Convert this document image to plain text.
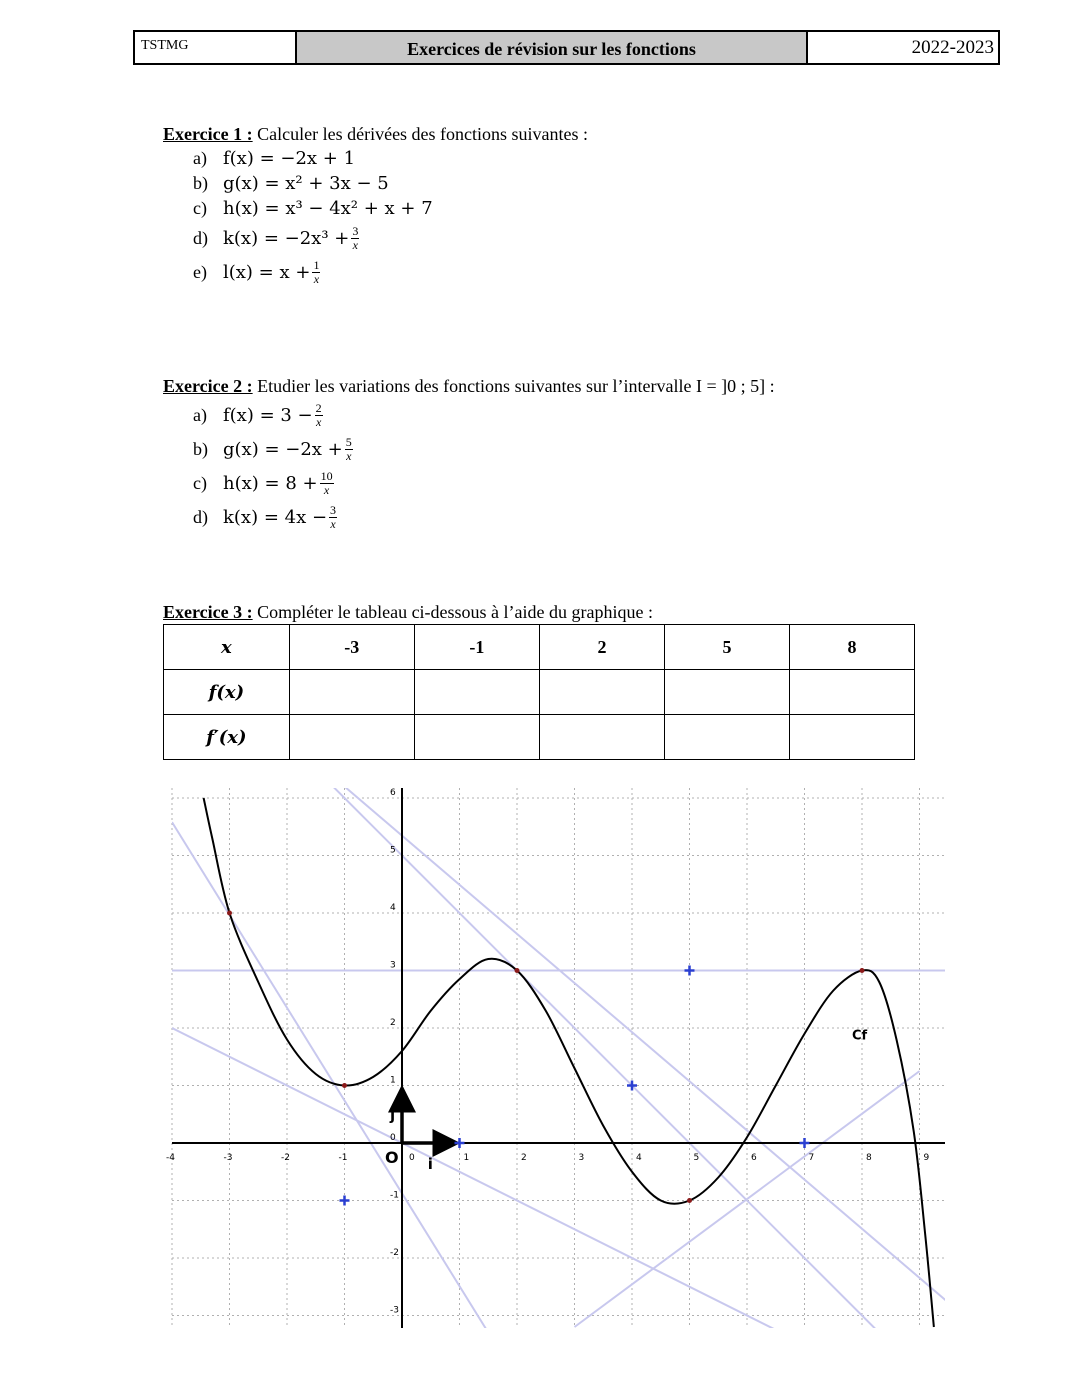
TSTMG	Exercices de révision sur les fonctions	2022-2023
Exercice 1 : Calculer les dérivées des fonctions suivantes :
a) f(x) = −2x + 1
b) g(x) = x² + 3x − 5
c) h(x) = x³ − 4x² + x + 7
d) $k(x) = -2x^3 + \frac{3}{x}$
e) $l(x) = x + \frac{1}{x}$
Exercice 2 : Etudier les variations des fonctions suivantes sur l’intervalle I = ]0 ; 5] :
a) $f(x) = 3 - \frac{2}{x}$
b) $g(x) = -2x + \frac{5}{x}$
c) $h(x) = 8 + \frac{10}{x}$
d) $k(x) = 4x - \frac{3}{x}$
Exercice 3 : Compléter le tableau ci-dessous à l’aide du graphique :
x	-3	-1	2	5	8
f(x)					
f′(x)					
-4	-3	-2	-1	1	2	3	4	5	6	7	8	9
0
-3
-2
-1
0
1
2
3
4
5
6
O i
j
Cf
